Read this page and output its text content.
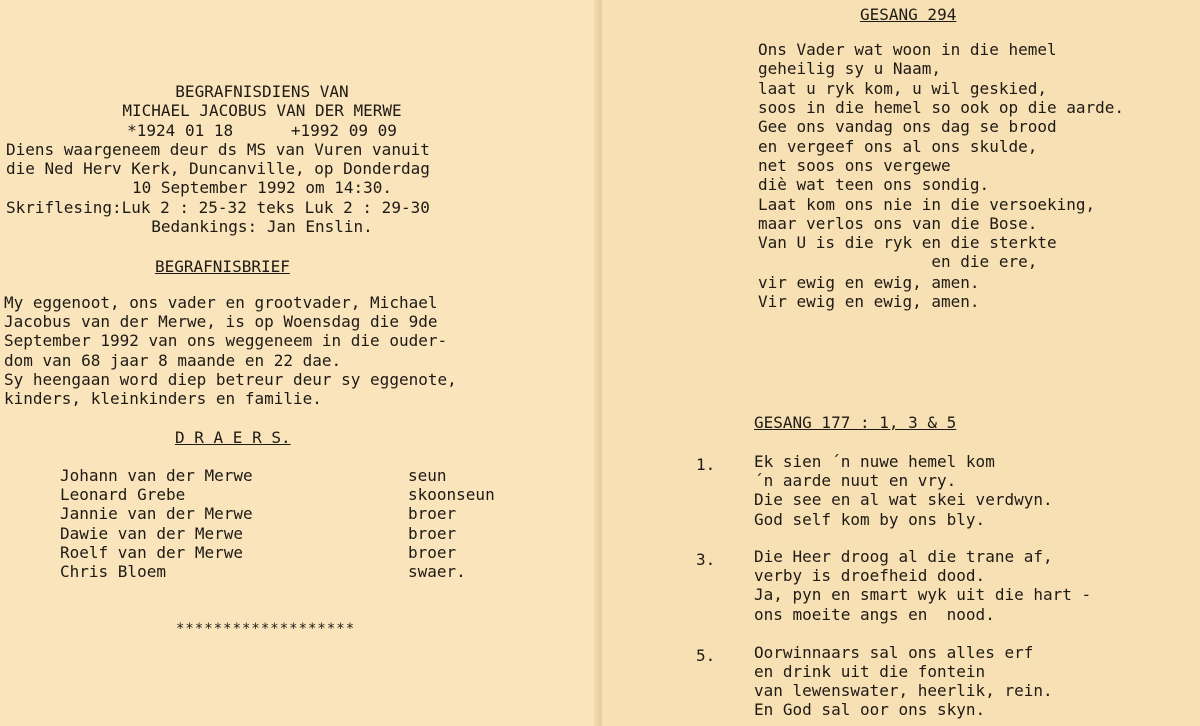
BEGRAFNISDIENS VAN
MICHAEL JACOBUS VAN DER MERWE
*1924 01 18      +1992 09 09
Diens waargeneem deur ds MS van Vuren vanuit
die Ned Herv Kerk, Duncanville, op Donderdag
10 September 1992 om 14:30.
Skriflesing:Luk 2 : 25-32 teks Luk 2 : 29-30
Bedankings: Jan Enslin.
BEGRAFNISBRIEF
My eggenoot, ons vader en grootvader, Michael
Jacobus van der Merwe, is op Woensdag die 9de
September 1992 van ons weggeneem in die ouder-
dom van 68 jaar 8 maande en 22 dae.
Sy heengaan word diep betreur deur sy eggenote,
kinders, kleinkinders en familie.
D R A E R S.
Johann van der Merwe	seun
Leonard Grebe	skoonseun
Jannie van der Merwe	broer
Dawie van der Merwe	broer
Roelf van der Merwe	broer
Chris Bloem	swaer.
*******************
GESANG 294
Ons Vader wat woon in die hemel
geheilig sy u Naam,
laat u ryk kom, u wil geskied,
soos in die hemel so ook op die aarde.
Gee ons vandag ons dag se brood
en vergeef ons al ons skulde,
net soos ons vergewe
diè wat teen ons sondig.
Laat kom ons nie in die versoeking,
maar verlos ons van die Bose.
Van U is die ryk en die sterkte
en die ere,
vir ewig en ewig, amen.
Vir ewig en ewig, amen.
GESANG 177 : 1, 3 & 5
1. Ek sien ´n nuwe hemel kom
´n aarde nuut en vry.
Die see en al wat skei verdwyn.
God self kom by ons bly.
3. Die Heer droog al die trane af,
verby is droefheid dood.
Ja, pyn en smart wyk uit die hart -
ons moeite angs en  nood.
5. Oorwinnaars sal ons alles erf
en drink uit die fontein
van lewenswater, heerlik, rein.
En God sal oor ons skyn.
